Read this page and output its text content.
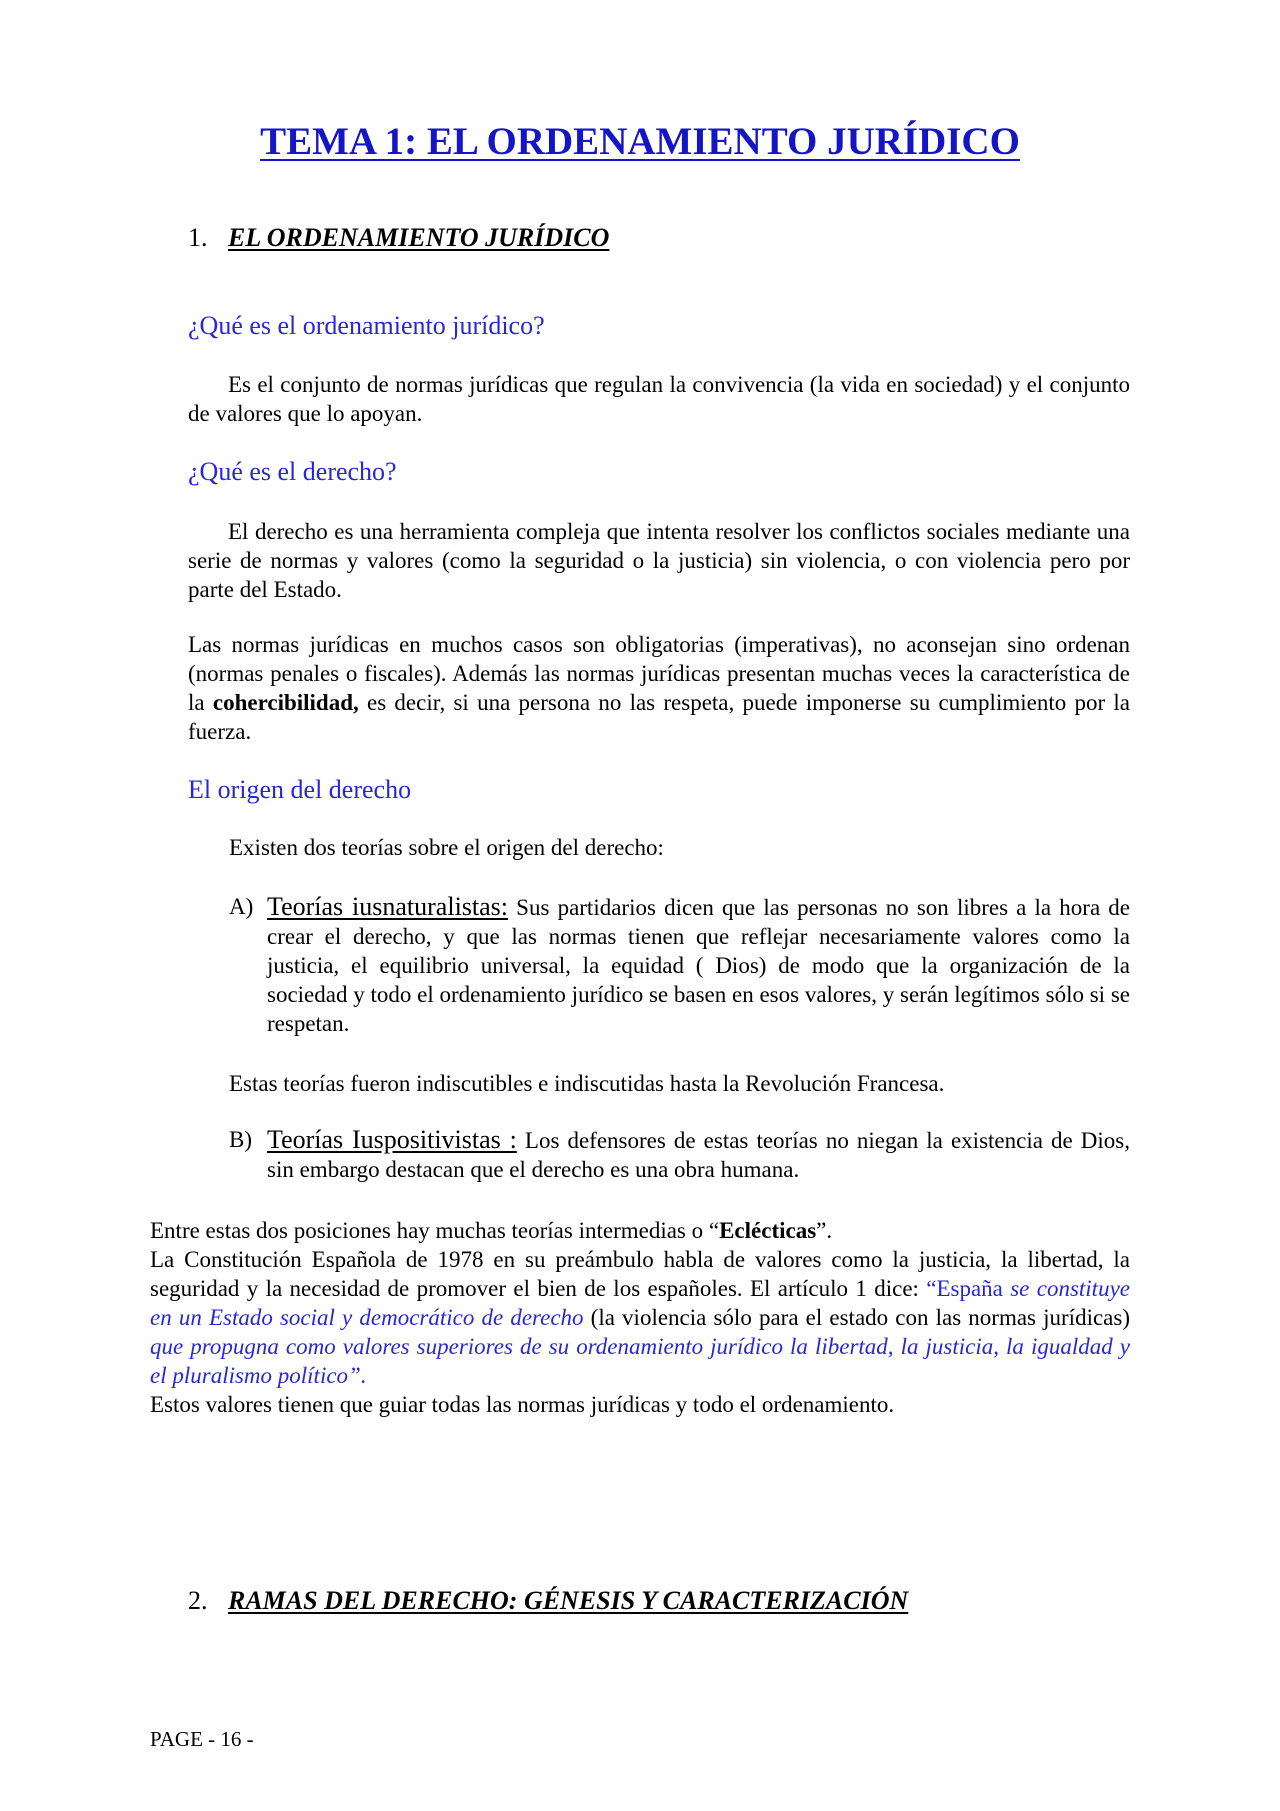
TEMA 1: EL ORDENAMIENTO JURÍDICO
1. EL ORDENAMIENTO JURÍDICO
¿Qué es el ordenamiento jurídico?

Es el conjunto de normas jurídicas que regulan la convivencia (la vida en sociedad) y el conjunto de valores que lo apoyan.

¿Qué es el derecho?

El derecho es una herramienta compleja que intenta resolver los conflictos sociales mediante una serie de normas y valores (como la seguridad o la justicia) sin violencia, o con violencia pero por parte del Estado.

Las normas jurídicas en muchos casos son obligatorias (imperativas), no aconsejan sino ordenan (normas penales o fiscales). Además las normas jurídicas presentan muchas veces la característica de la cohercibilidad, es decir, si una persona no las respeta, puede imponerse su cumplimiento por la fuerza.

El origen del derecho

Existen dos teorías sobre el origen del derecho:

A) Teorías iusnaturalistas: Sus partidarios dicen que las personas no son libres a la hora de crear el derecho, y que las normas tienen que reflejar necesariamente valores como la justicia, el equilibrio universal, la equidad ( Dios) de modo que la organización de la sociedad y todo el ordenamiento jurídico se basen en esos valores, y serán legítimos sólo si se respetan.

Estas teorías fueron indiscutibles e indiscutidas hasta la Revolución Francesa.

B) Teorías Iuspositivistas : Los defensores de estas teorías no niegan la existencia de Dios, sin embargo destacan que el derecho es una obra humana.

Entre estas dos posiciones hay muchas teorías intermedias o “Eclécticas”.
La Constitución Española de 1978 en su preámbulo habla de valores como la justicia, la libertad, la seguridad y la necesidad de promover el bien de los españoles. El artículo 1 dice: “España se constituye en un Estado social y democrático de derecho (la violencia sólo para el estado con las normas jurídicas) que propugna como valores superiores de su ordenamiento jurídico la libertad, la justicia, la igualdad y el pluralismo político”.
Estos valores tienen que guiar todas las normas jurídicas y todo el ordenamiento.

2. RAMAS DEL DERECHO: GÉNESIS Y CARACTERIZACIÓN
PAGE - 16 -
